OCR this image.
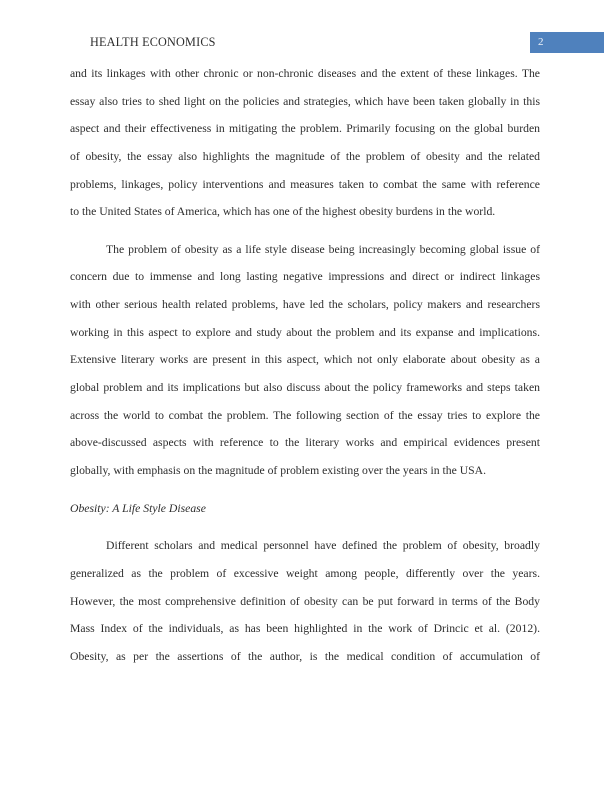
HEALTH ECONOMICS	2
and its linkages with other chronic or non-chronic diseases and the extent of these linkages. The
essay also tries to shed light on the policies and strategies, which have been taken globally in this
aspect and their effectiveness in mitigating the problem. Primarily focusing on the global burden
of obesity, the essay also highlights the magnitude of the problem of obesity and the related
problems, linkages, policy interventions and measures taken to combat the same with reference
to the United States of America, which has one of the highest obesity burdens in the world.
The problem of obesity as a life style disease being increasingly becoming global issue of
concern due to immense and long lasting negative impressions and direct or indirect linkages
with other serious health related problems, have led the scholars, policy makers and researchers
working in this aspect to explore and study about the problem and its expanse and implications.
Extensive literary works are present in this aspect, which not only elaborate about obesity as a
global problem and its implications but also discuss about the policy frameworks and steps taken
across the world to combat the problem. The following section of the essay tries to explore the
above-discussed aspects with reference to the literary works and empirical evidences present
globally, with emphasis on the magnitude of problem existing over the years in the USA.
Obesity: A Life Style Disease
Different scholars and medical personnel have defined the problem of obesity, broadly
generalized as the problem of excessive weight among people, differently over the years.
However, the most comprehensive definition of obesity can be put forward in terms of the Body
Mass Index of the individuals, as has been highlighted in the work of Drincic et al. (2012).
Obesity, as per the assertions of the author, is the medical condition of accumulation of
